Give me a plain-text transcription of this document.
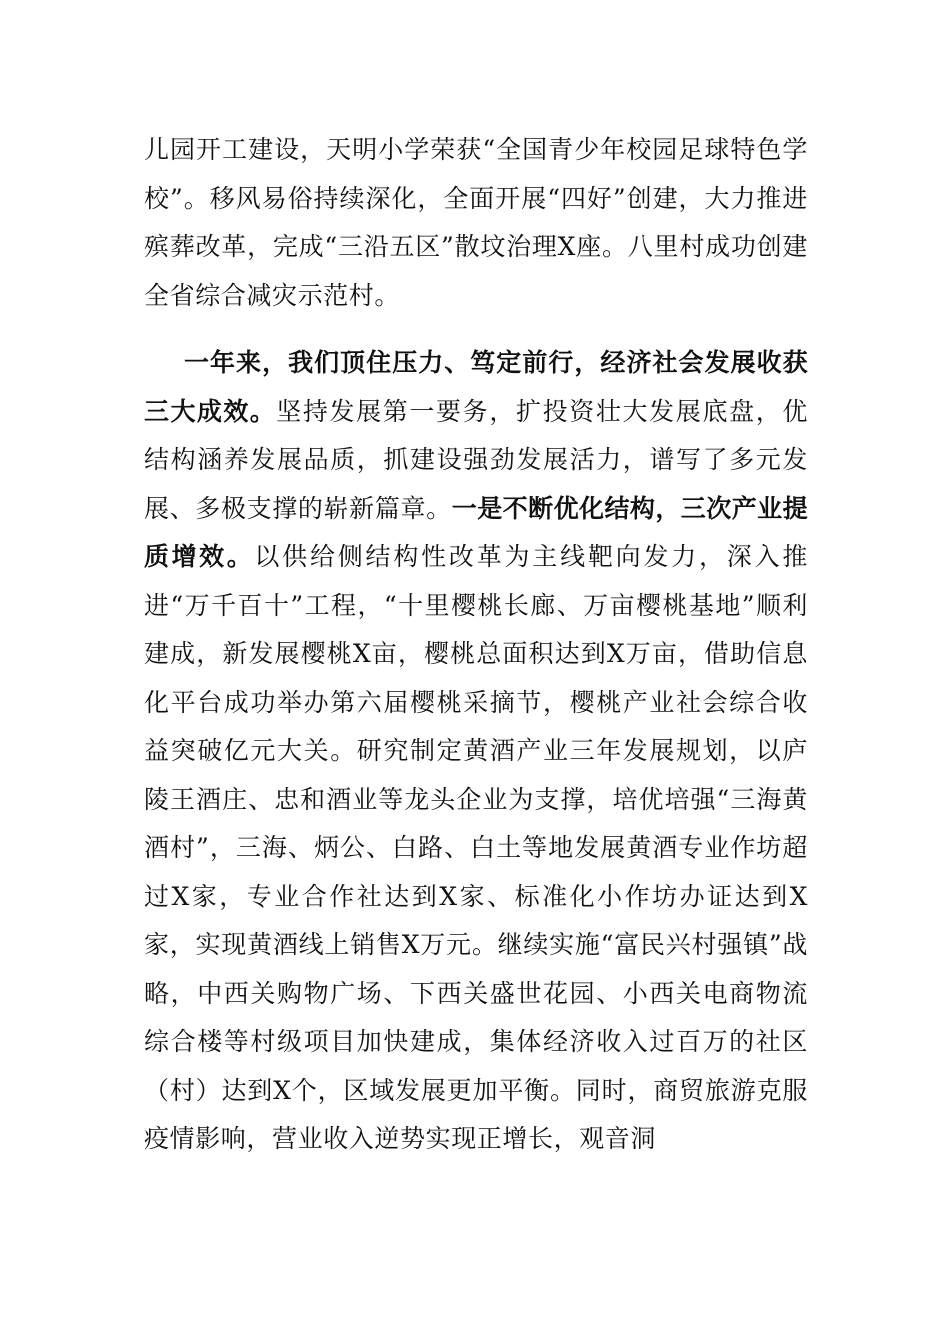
儿园开工建设，天明小学荣获“全国青少年校园足球特色学校”。移风易俗持续深化，全面开展“四好”创建，大力推进殡葬改革，完成“三沿五区”散坟治理X座。八里村成功创建全省综合减灾示范村。

一年来，我们顶住压力、笃定前行，经济社会发展收获三大成效。坚持发展第一要务，扩投资壮大发展底盘，优结构涵养发展品质，抓建设强劲发展活力，谱写了多元发展、多极支撑的崭新篇章。一是不断优化结构，三次产业提质增效。以供给侧结构性改革为主线靶向发力，深入推进“万千百十”工程，“十里樱桃长廊、万亩樱桃基地”顺利建成，新发展樱桃X亩，樱桃总面积达到X万亩，借助信息化平台成功举办第六届樱桃采摘节，樱桃产业社会综合收益突破亿元大关。研究制定黄酒产业三年发展规划，以庐陵王酒庄、忠和酒业等龙头企业为支撑，培优培强“三海黄酒村”，三海、炳公、白路、白土等地发展黄酒专业作坊超过X家，专业合作社达到X家、标准化小作坊办证达到X家，实现黄酒线上销售X万元。继续实施“富民兴村强镇”战略，中西关购物广场、下西关盛世花园、小西关电商物流综合楼等村级项目加快建成，集体经济收入过百万的社区（村）达到X个，区域发展更加平衡。同时，商贸旅游克服疫情影响，营业收入逆势实现正增长，观音洞
